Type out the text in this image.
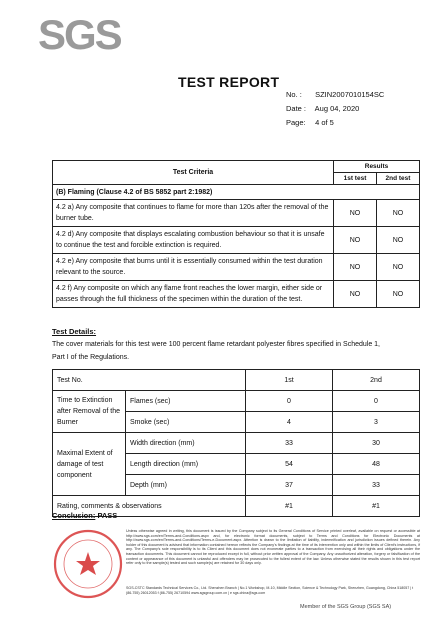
SGS
TEST REPORT
No. : SZIN2007010154SC
Date : Aug 04, 2020
Page: 4 of 5
Test Criteria	Results	
	1st test	2nd test
(B) Flaming (Clause 4.2 of BS 5852 part 2:1982)		
4.2 a) Any composite that continues to flame for more than 120s after the removal of the burner tube.	NO	NO
4.2 d) Any composite that displays escalating combustion behaviour so that it is unsafe to continue the test and forcible extinction is required.	NO	NO
4.2 e) Any composite that burns until it is essentially consumed within the test duration relevant to the source.	NO	NO
4.2 f) Any composite on which any flame front reaches the lower margin, either side or passes through the full thickness of the specimen within the duration of the test.	NO	NO
Test Details:
The cover materials for this test were 100 percent flame retardant polyester fibres specified in Schedule 1, Part I of the Regulations.
Test No.		1st	2nd
Time to Extinction after Removal of the Burner	Flames (sec)	0	0
	Smoke (sec)	4	3
Maximal Extent of damage of test component	Width direction (mm)	33	30
	Length direction (mm)	54	48
	Depth (mm)	37	33
Rating, comments & observations		#1	#1
Conclusion: PASS
Unless otherwise agreed in writing, this document is issued by the Company subject to its General Conditions of Service printed overleaf, available on request or accessible at http://www.sgs.com/en/Terms-and-Conditions.aspx and, for electronic format documents, subject to Terms and Conditions for Electronic Documents at http://www.sgs.com/en/Terms-and-Conditions/Terms-e-Document.aspx. Attention is drawn to the limitation of liability, indemnification and jurisdiction issues defined therein. Any holder of this document is advised that information contained hereon reflects the Company's findings at the time of its intervention only and within the limits of Client's instructions, if any. The Company's sole responsibility is to its Client and this document does not exonerate parties to a transaction from exercising all their rights and obligations under the transaction documents. This document cannot be reproduced except in full, without prior written approval of the Company. Any unauthorized alteration, forgery or falsification of the content or appearance of this document is unlawful and offenders may be prosecuted to the fullest extent of the law. Unless otherwise stated the results shown in this test report refer only to the sample(s) tested and such sample(s) are retained for 30 days only.
SGS-CSTC Standards Technical Services Co., Ltd. Shenzhen Branch | No.1 Workshop, M-10, Middle Section, Science & Technology Park, Shenzhen, Guangdong, China 518057 | t (86-755) 26012053 f (86-755) 26710594 www.sgsgroup.com.cn | e sgs.china@sgs.com
Member of the SGS Group (SGS SA)
